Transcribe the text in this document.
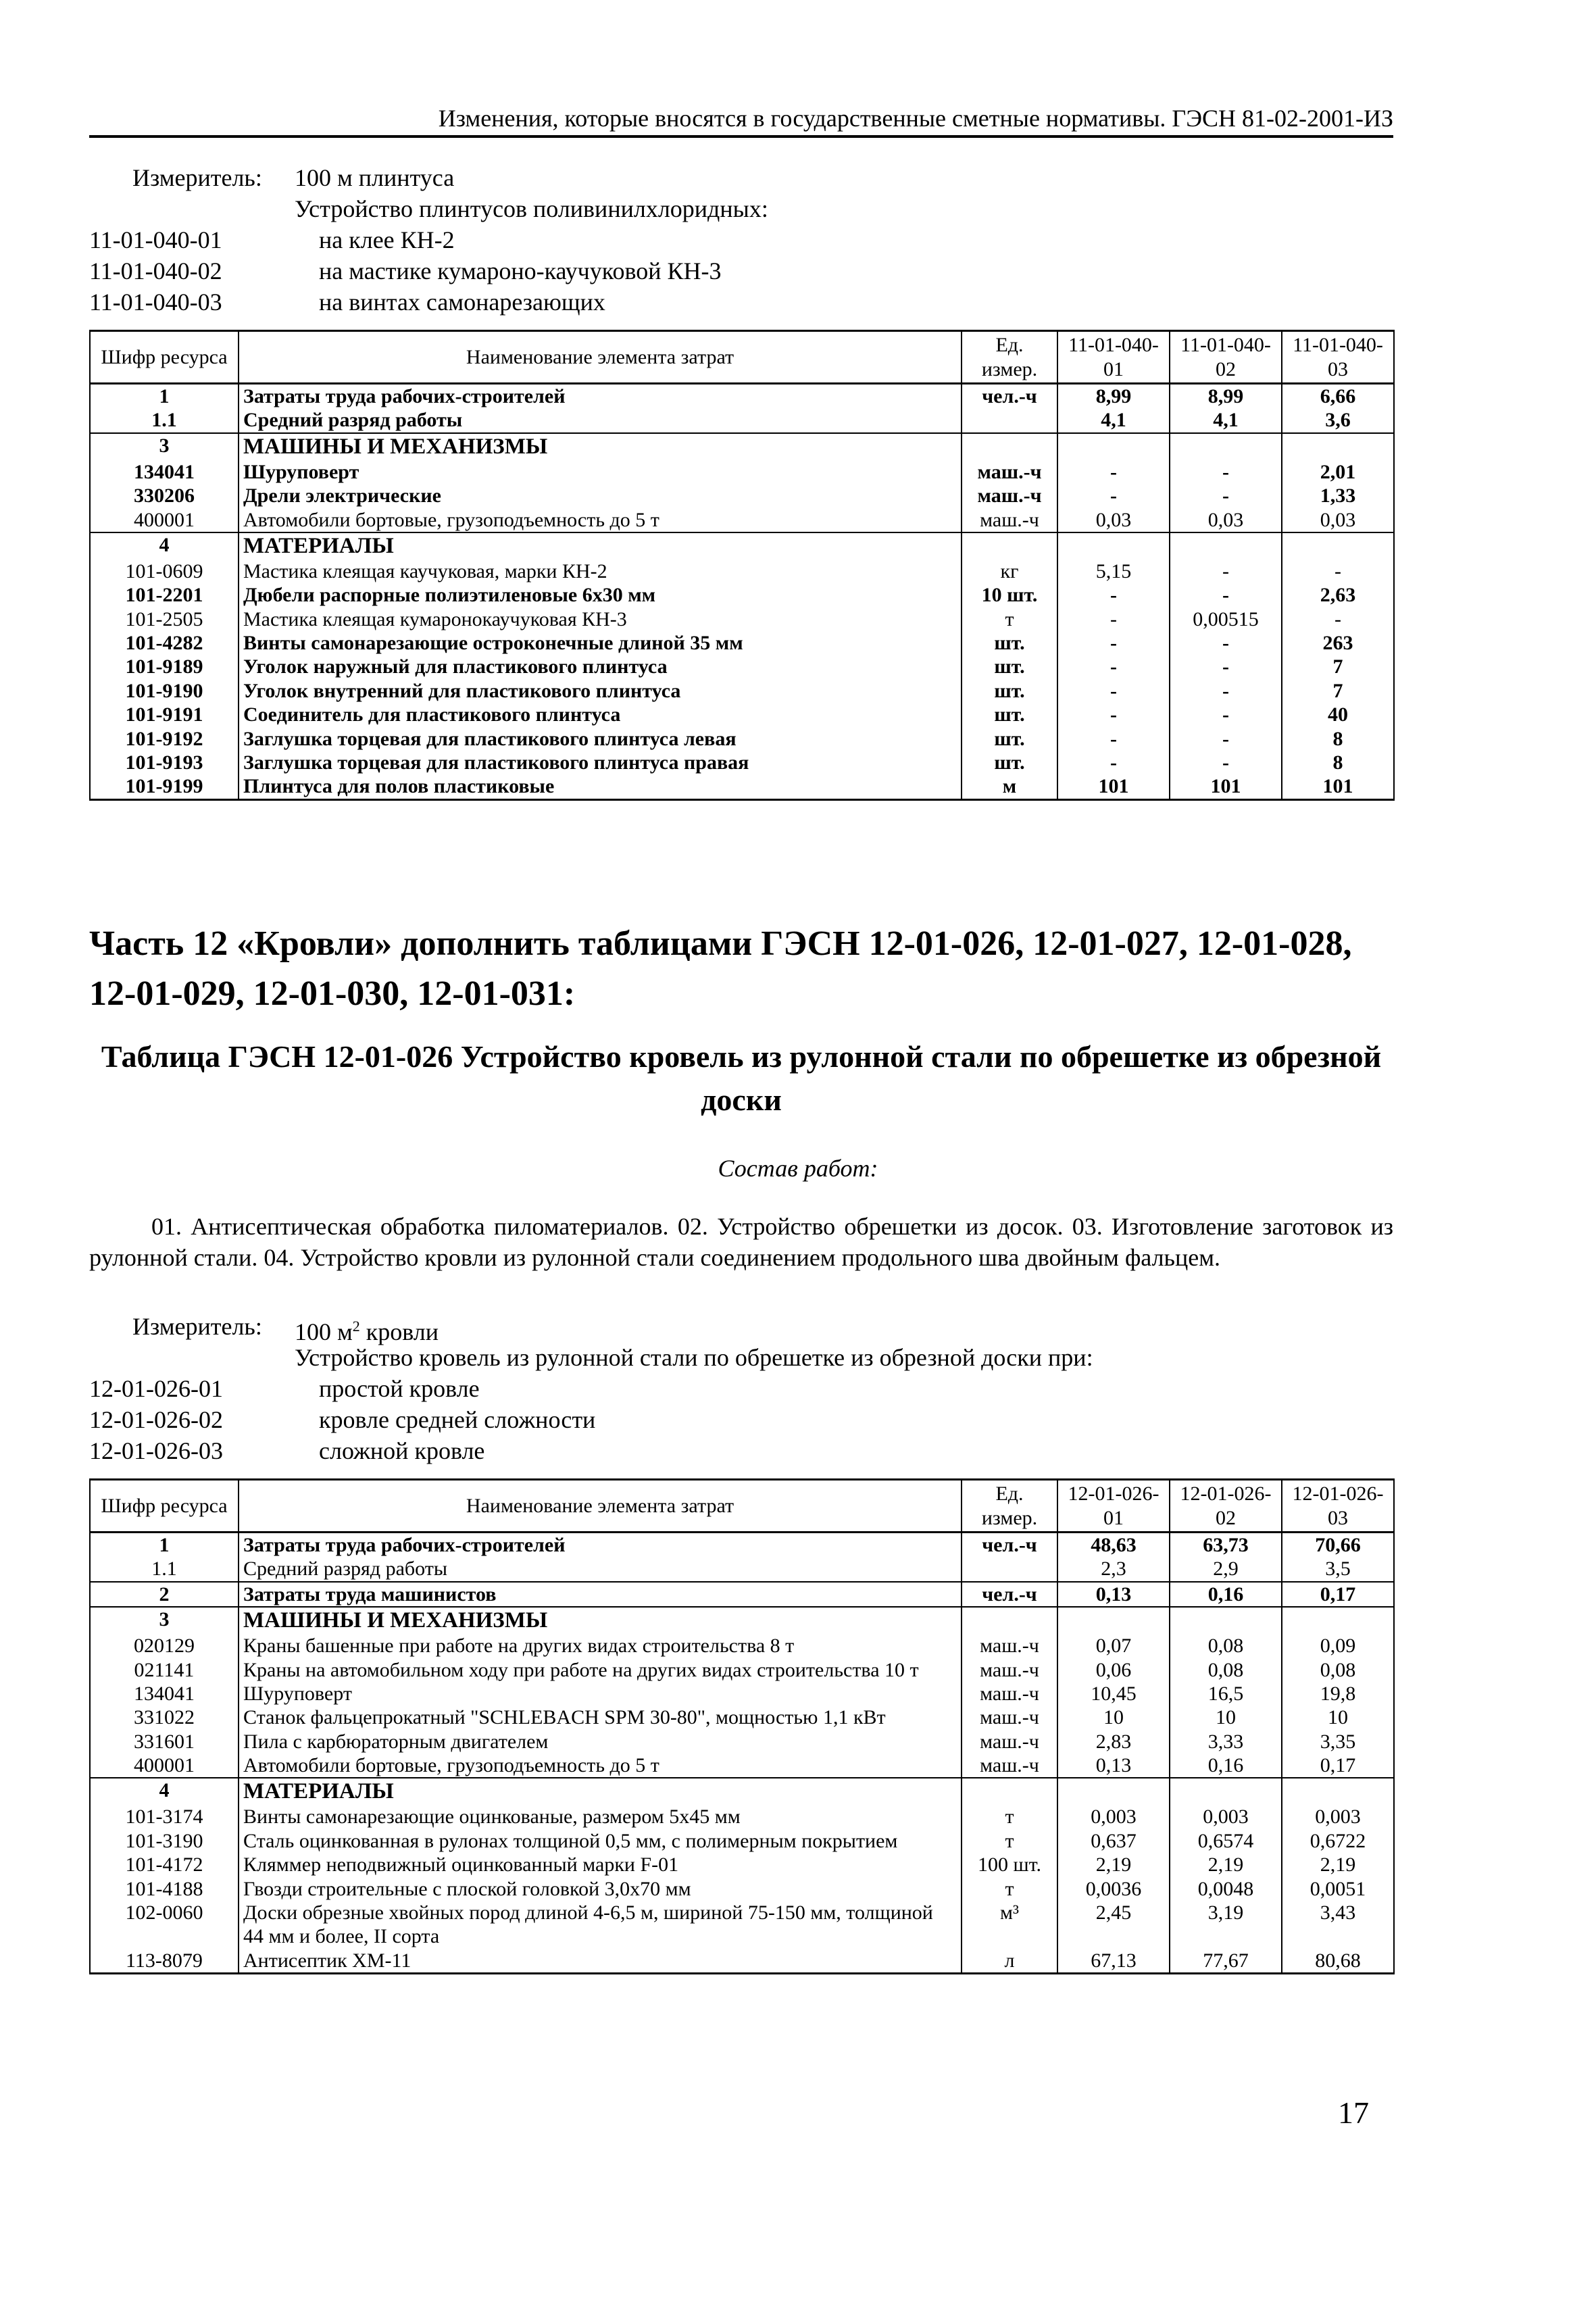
Изменения, которые вносятся в государственные сметные нормативы. ГЭСН 81-02-2001-ИЗ
Измеритель: 100 м плинтуса
Устройство плинтусов поливинилхлоридных:
11-01-040-01	на клее КН-2
11-01-040-02	на мастике кумароно-каучуковой КН-3
11-01-040-03	на винтах самонарезающих
Шифр ресурса	Наименование элемента затрат	Ед. измер.	11-01-040-01	11-01-040-02	11-01-040-03
1	Затраты труда рабочих-строителей	чел.-ч	8,99	8,99	6,66
1.1	Средний разряд работы		4,1	4,1	3,6
3	МАШИНЫ И МЕХАНИЗМЫ				
134041	Шуруповерт	маш.-ч	-	-	2,01
330206	Дрели электрические	маш.-ч	-	-	1,33
400001	Автомобили бортовые, грузоподъемность до 5 т	маш.-ч	0,03	0,03	0,03
4	МАТЕРИАЛЫ				
101-0609	Мастика клеящая каучуковая, марки КН-2	кг	5,15	-	-
101-2201	Дюбели распорные полиэтиленовые 6х30 мм	10 шт.	-	-	2,63
101-2505	Мастика клеящая кумаронокаучуковая КН-3	т	-	0,00515	-
101-4282	Винты самонарезающие остроконечные длиной 35 мм	шт.	-	-	263
101-9189	Уголок наружный для пластикового плинтуса	шт.	-	-	7
101-9190	Уголок внутренний для пластикового плинтуса	шт.	-	-	7
101-9191	Соединитель для пластикового плинтуса	шт.	-	-	40
101-9192	Заглушка торцевая для пластикового плинтуса левая	шт.	-	-	8
101-9193	Заглушка торцевая для пластикового плинтуса правая	шт.	-	-	8
101-9199	Плинтуса для полов пластиковые	м	101	101	101
Часть 12 «Кровли» дополнить таблицами ГЭСН 12-01-026, 12-01-027, 12-01-028, 12-01-029, 12-01-030, 12-01-031:
Таблица ГЭСН 12-01-026 Устройство кровель из рулонной стали по обрешетке из обрезной доски
Состав работ:
01. Антисептическая обработка пиломатериалов. 02. Устройство обрешетки из досок. 03. Изготовление заготовок из рулонной стали. 04. Устройство кровли из рулонной стали соединением продольного шва двойным фальцем.
Измеритель: 100 $м^2$ кровли
Устройство кровель из рулонной стали по обрешетке из обрезной доски при:
12-01-026-01	простой кровле
12-01-026-02	кровле средней сложности
12-01-026-03	сложной кровле
Шифр ресурса	Наименование элемента затрат	Ед. измер.	12-01-026-01	12-01-026-02	12-01-026-03
1	Затраты труда рабочих-строителей	чел.-ч	48,63	63,73	70,66
1.1	Средний разряд работы		2,3	2,9	3,5
2	Затраты труда машинистов	чел.-ч	0,13	0,16	0,17
3	МАШИНЫ И МЕХАНИЗМЫ				
020129	Краны башенные при работе на других видах строительства 8 т	маш.-ч	0,07	0,08	0,09
021141	Краны на автомобильном ходу при работе на других видах строительства 10 т	маш.-ч	0,06	0,08	0,08
134041	Шуруповерт	маш.-ч	10,45	16,5	19,8
331022	Станок фальцепрокатный "SCHLEBACH SPM 30-80", мощностью 1,1 кВт	маш.-ч	10	10	10
331601	Пила с карбюраторным двигателем	маш.-ч	2,83	3,33	3,35
400001	Автомобили бортовые, грузоподъемность до 5 т	маш.-ч	0,13	0,16	0,17
4	МАТЕРИАЛЫ				
101-3174	Винты самонарезающие оцинкованые, размером 5х45 мм	т	0,003	0,003	0,003
101-3190	Сталь оцинкованная в рулонах толщиной 0,5 мм, с полимерным покрытием	т	0,637	0,6574	0,6722
101-4172	Кляммер неподвижный оцинкованный марки F-01	100 шт.	2,19	2,19	2,19
101-4188	Гвозди строительные с плоской головкой 3,0х70 мм	т	0,0036	0,0048	0,0051
102-0060	Доски обрезные хвойных пород длиной 4-6,5 м, шириной 75-150 мм, толщиной 44 мм и более, II сорта	м³	2,45	3,19	3,43
113-8079	Антисептик ХМ-11	л	67,13	77,67	80,68
17
